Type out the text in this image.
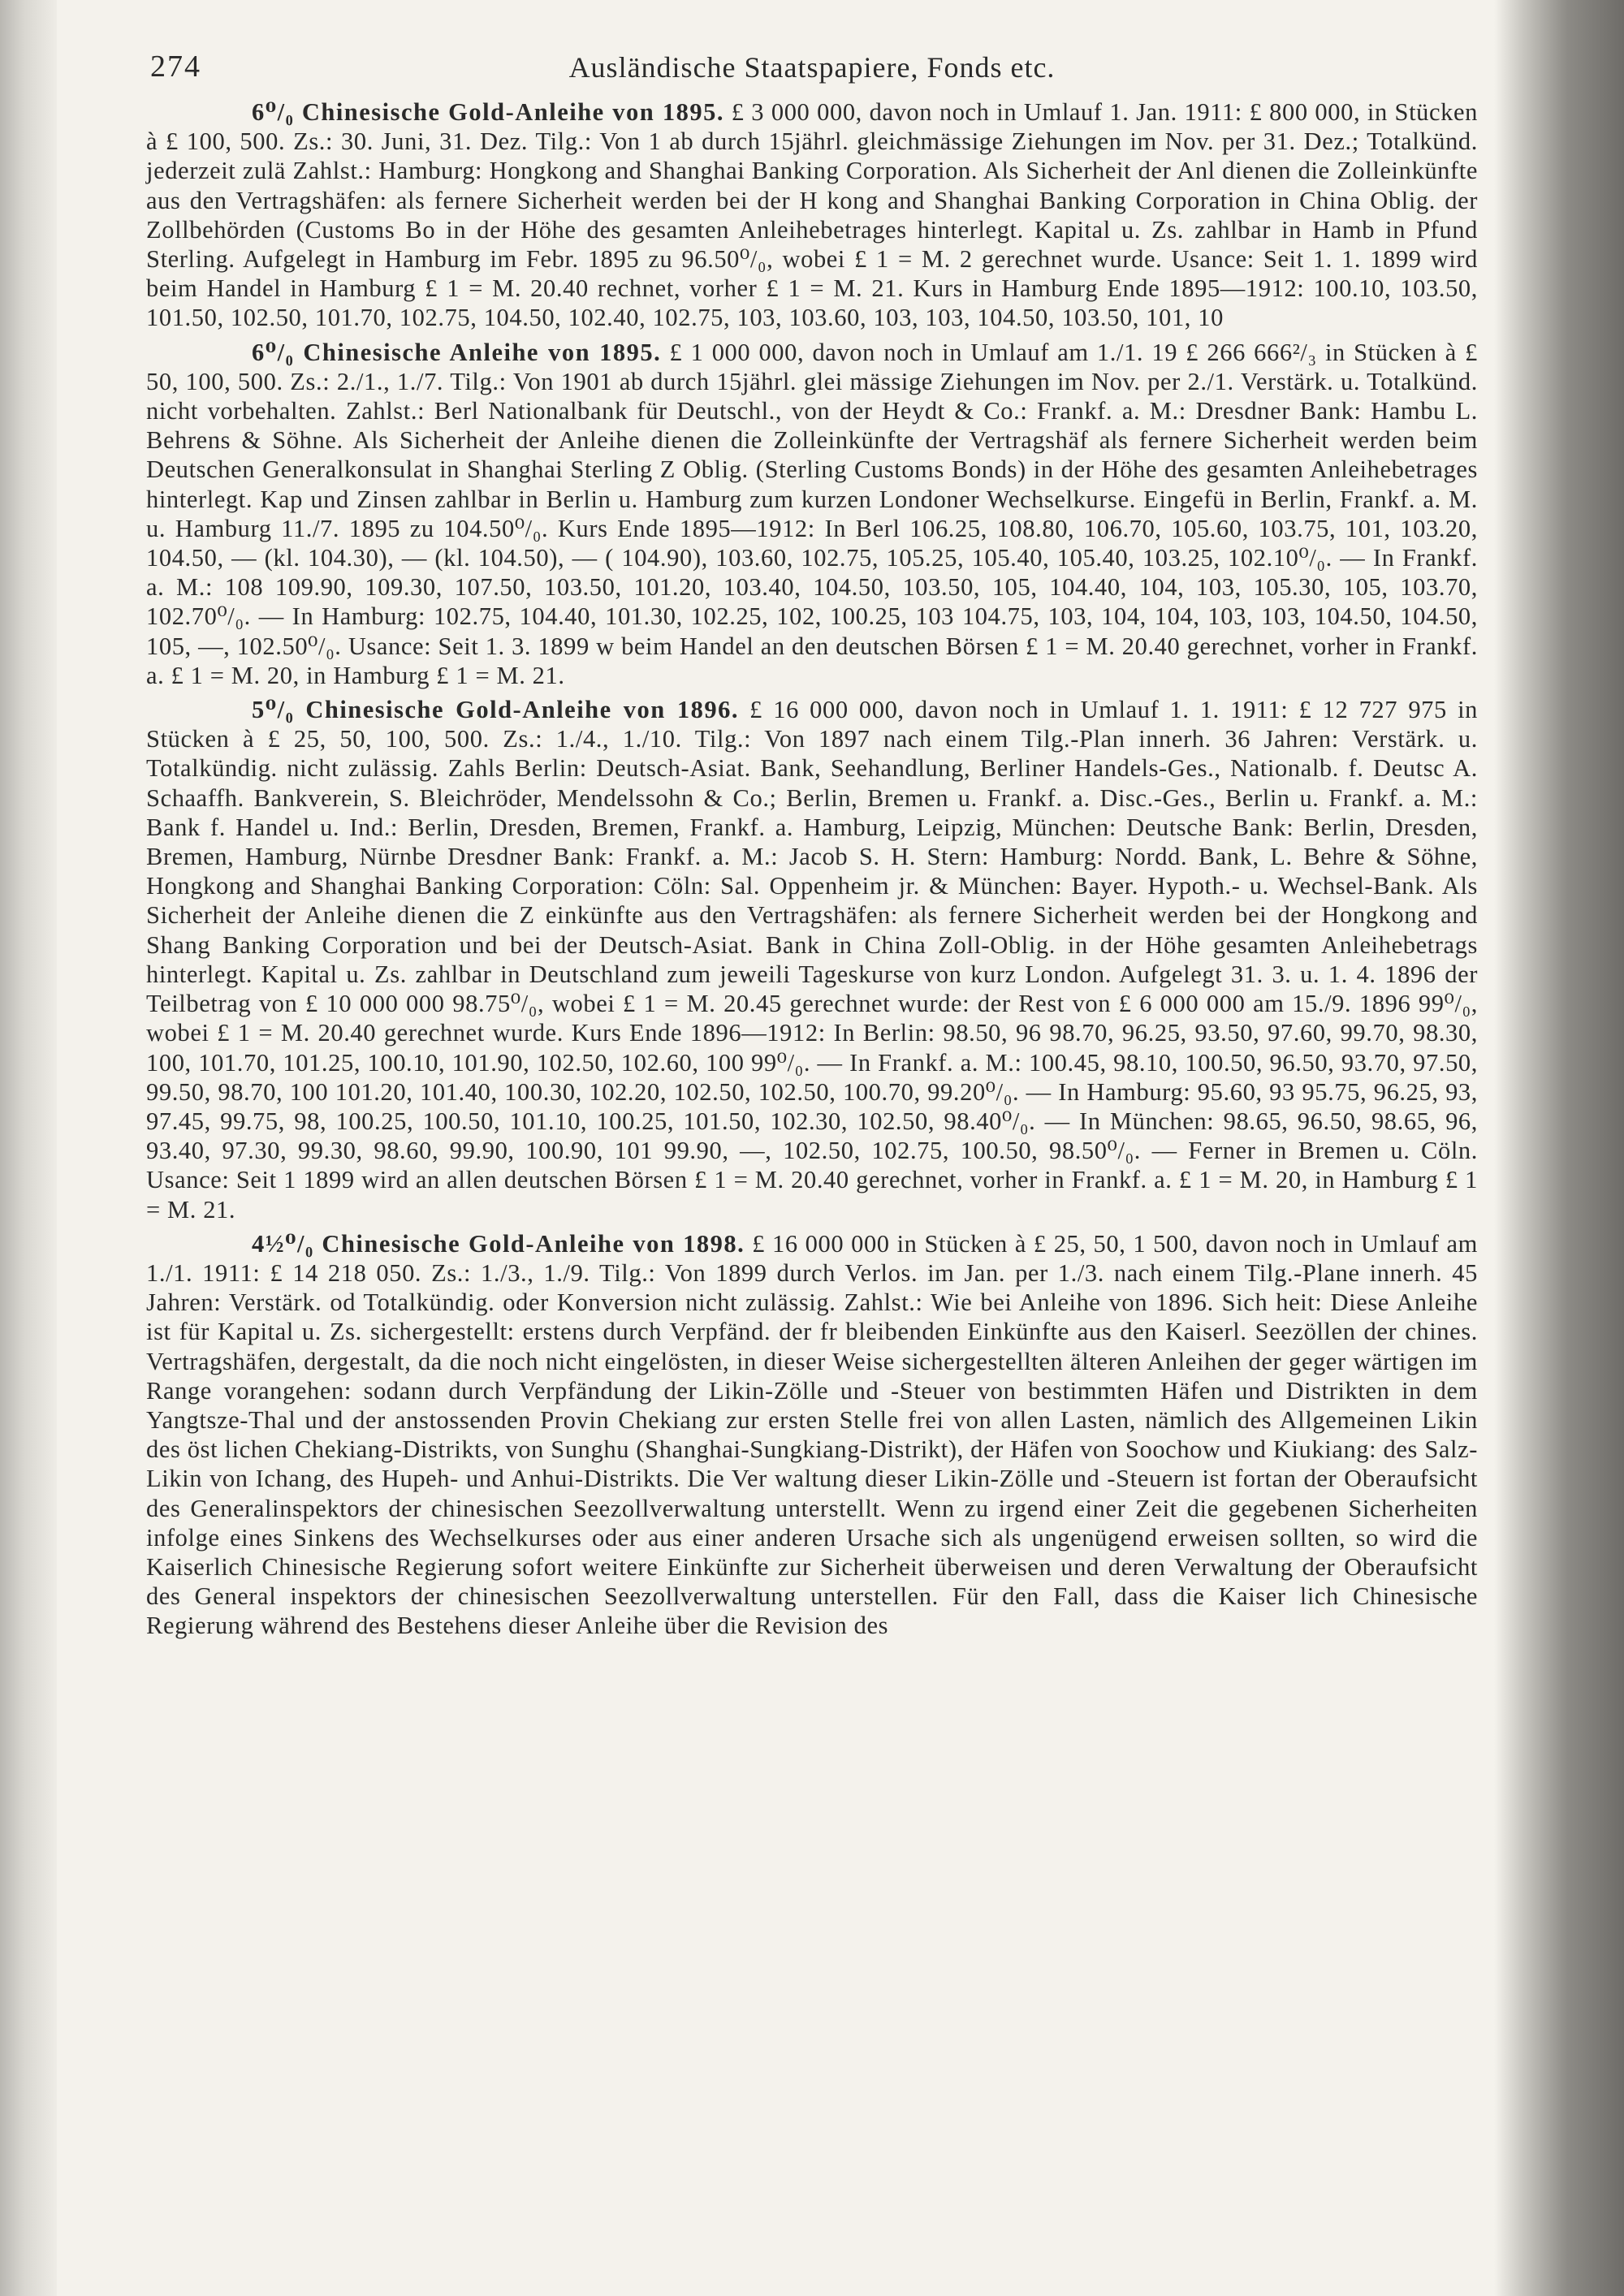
274	Ausländische Staatspapiere, Fonds etc.

6⁰/₀ Chinesische Gold-Anleihe von 1895. £ 3 000 000, davon noch in Umlauf 1. Jan. 1911: £ 800 000, in Stücken à £ 100, 500. Zs.: 30. Juni, 31. Dez. Tilg.: Von 1 ab durch 15jährl. gleichmässige Ziehungen im Nov. per 31. Dez.; Totalkünd. jederzeit zulä Zahlst.: Hamburg: Hongkong and Shanghai Banking Corporation. Als Sicherheit der Anl dienen die Zolleinkünfte aus den Vertragshäfen: als fernere Sicherheit werden bei der H kong and Shanghai Banking Corporation in China Oblig. der Zollbehörden (Customs Bo in der Höhe des gesamten Anleihebetrages hinterlegt. Kapital u. Zs. zahlbar in Hamb in Pfund Sterling. Aufgelegt in Hamburg im Febr. 1895 zu 96.50⁰/₀, wobei £ 1 = M. 2 gerechnet wurde. Usance: Seit 1. 1. 1899 wird beim Handel in Hamburg £ 1 = M. 20.40 rechnet, vorher £ 1 = M. 21. Kurs in Hamburg Ende 1895—1912: 100.10, 103.50, 101.50, 102.50, 101.70, 102.75, 104.50, 102.40, 102.75, 103, 103.60, 103, 103, 104.50, 103.50, 101, 10

6⁰/₀ Chinesische Anleihe von 1895. £ 1 000 000, davon noch in Umlauf am 1./1. 19 £ 266 666²/₃ in Stücken à £ 50, 100, 500. Zs.: 2./1., 1./7. Tilg.: Von 1901 ab durch 15jährl. glei mässige Ziehungen im Nov. per 2./1. Verstärk. u. Totalkünd. nicht vorbehalten. Zahlst.: Berl Nationalbank für Deutschl., von der Heydt & Co.: Frankf. a. M.: Dresdner Bank: Hambu L. Behrens & Söhne. Als Sicherheit der Anleihe dienen die Zolleinkünfte der Vertragshäf als fernere Sicherheit werden beim Deutschen Generalkonsulat in Shanghai Sterling Z Oblig. (Sterling Customs Bonds) in der Höhe des gesamten Anleihebetrages hinterlegt. Kap und Zinsen zahlbar in Berlin u. Hamburg zum kurzen Londoner Wechselkurse. Eingefü in Berlin, Frankf. a. M. u. Hamburg 11./7. 1895 zu 104.50⁰/₀. Kurs Ende 1895—1912: In Berl 106.25, 108.80, 106.70, 105.60, 103.75, 101, 103.20, 104.50, — (kl. 104.30), — (kl. 104.50), — ( 104.90), 103.60, 102.75, 105.25, 105.40, 105.40, 103.25, 102.10⁰/₀. — In Frankf. a. M.: 108 109.90, 109.30, 107.50, 103.50, 101.20, 103.40, 104.50, 103.50, 105, 104.40, 104, 103, 105.30, 105, 103.70, 102.70⁰/₀. — In Hamburg: 102.75, 104.40, 101.30, 102.25, 102, 100.25, 103 104.75, 103, 104, 104, 103, 103, 104.50, 104.50, 105, —, 102.50⁰/₀. Usance: Seit 1. 3. 1899 w beim Handel an den deutschen Börsen £ 1 = M. 20.40 gerechnet, vorher in Frankf. a. £ 1 = M. 20, in Hamburg £ 1 = M. 21.

5⁰/₀ Chinesische Gold-Anleihe von 1896. £ 16 000 000, davon noch in Umlauf 1. 1. 1911: £ 12 727 975 in Stücken à £ 25, 50, 100, 500. Zs.: 1./4., 1./10. Tilg.: Von 1897 nach einem Tilg.-Plan innerh. 36 Jahren: Verstärk. u. Totalkündig. nicht zulässig. Zahls Berlin: Deutsch-Asiat. Bank, Seehandlung, Berliner Handels-Ges., Nationalb. f. Deutsc A. Schaaffh. Bankverein, S. Bleichröder, Mendelssohn & Co.; Berlin, Bremen u. Frankf. a. Disc.-Ges., Berlin u. Frankf. a. M.: Bank f. Handel u. Ind.: Berlin, Dresden, Bremen, Frankf. a. Hamburg, Leipzig, München: Deutsche Bank: Berlin, Dresden, Bremen, Hamburg, Nürnbe Dresdner Bank: Frankf. a. M.: Jacob S. H. Stern: Hamburg: Nordd. Bank, L. Behre & Söhne, Hongkong and Shanghai Banking Corporation: Cöln: Sal. Oppenheim jr. & München: Bayer. Hypoth.- u. Wechsel-Bank. Als Sicherheit der Anleihe dienen die Z einkünfte aus den Vertragshäfen: als fernere Sicherheit werden bei der Hongkong and Shang Banking Corporation und bei der Deutsch-Asiat. Bank in China Zoll-Oblig. in der Höhe gesamten Anleihebetrags hinterlegt. Kapital u. Zs. zahlbar in Deutschland zum jeweili Tageskurse von kurz London. Aufgelegt 31. 3. u. 1. 4. 1896 der Teilbetrag von £ 10 000 000 98.75⁰/₀, wobei £ 1 = M. 20.45 gerechnet wurde: der Rest von £ 6 000 000 am 15./9. 1896 99⁰/₀, wobei £ 1 = M. 20.40 gerechnet wurde. Kurs Ende 1896—1912: In Berlin: 98.50, 96 98.70, 96.25, 93.50, 97.60, 99.70, 98.30, 100, 101.70, 101.25, 100.10, 101.90, 102.50, 102.60, 100 99⁰/₀. — In Frankf. a. M.: 100.45, 98.10, 100.50, 96.50, 93.70, 97.50, 99.50, 98.70, 100 101.20, 101.40, 100.30, 102.20, 102.50, 102.50, 100.70, 99.20⁰/₀. — In Hamburg: 95.60, 93 95.75, 96.25, 93, 97.45, 99.75, 98, 100.25, 100.50, 101.10, 100.25, 101.50, 102.30, 102.50, 98.40⁰/₀. — In München: 98.65, 96.50, 98.65, 96, 93.40, 97.30, 99.30, 98.60, 99.90, 100.90, 101 99.90, —, 102.50, 102.75, 100.50, 98.50⁰/₀. — Ferner in Bremen u. Cöln. Usance: Seit 1 1899 wird an allen deutschen Börsen £ 1 = M. 20.40 gerechnet, vorher in Frankf. a. £ 1 = M. 20, in Hamburg £ 1 = M. 21.

4½⁰/₀ Chinesische Gold-Anleihe von 1898. £ 16 000 000 in Stücken à £ 25, 50, 1 500, davon noch in Umlauf am 1./1. 1911: £ 14 218 050. Zs.: 1./3., 1./9. Tilg.: Von 1899 durch Verlos. im Jan. per 1./3. nach einem Tilg.-Plane innerh. 45 Jahren: Verstärk. od Totalkündig. oder Konversion nicht zulässig. Zahlst.: Wie bei Anleihe von 1896. Sich heit: Diese Anleihe ist für Kapital u. Zs. sichergestellt: erstens durch Verpfänd. der fr bleibenden Einkünfte aus den Kaiserl. Seezöllen der chines. Vertragshäfen, dergestalt, da die noch nicht eingelösten, in dieser Weise sichergestellten älteren Anleihen der geger wärtigen im Range vorangehen: sodann durch Verpfändung der Likin-Zölle und -Steuer von bestimmten Häfen und Distrikten in dem Yangtsze-Thal und der anstossenden Provin Chekiang zur ersten Stelle frei von allen Lasten, nämlich des Allgemeinen Likin des öst lichen Chekiang-Distrikts, von Sunghu (Shanghai-Sungkiang-Distrikt), der Häfen von Soochow und Kiukiang: des Salz-Likin von Ichang, des Hupeh- und Anhui-Distrikts. Die Ver waltung dieser Likin-Zölle und -Steuern ist fortan der Oberaufsicht des Generalinspektors der chinesischen Seezollverwaltung unterstellt. Wenn zu irgend einer Zeit die gegebenen Sicherheiten infolge eines Sinkens des Wechselkurses oder aus einer anderen Ursache sich als ungenügend erweisen sollten, so wird die Kaiserlich Chinesische Regierung sofort weitere Einkünfte zur Sicherheit überweisen und deren Verwaltung der Oberaufsicht des General inspektors der chinesischen Seezollverwaltung unterstellen. Für den Fall, dass die Kaiser lich Chinesische Regierung während des Bestehens dieser Anleihe über die Revision des
